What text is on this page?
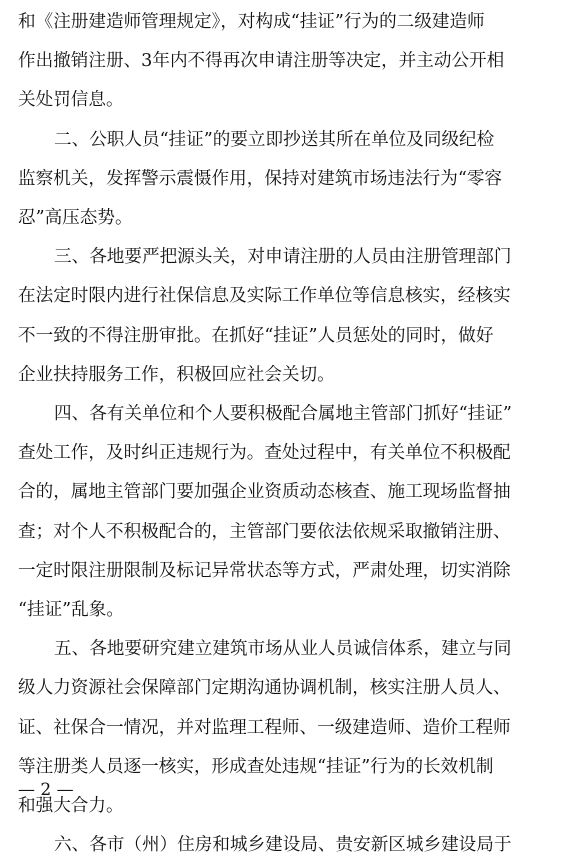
和《注册建造师管理规定》，对构成“挂证”行为的二级建造师
作出撤销注册、3年内不得再次申请注册等决定，并主动公开相
关处罚信息。
二、公职人员“挂证”的要立即抄送其所在单位及同级纪检
监察机关，发挥警示震慑作用，保持对建筑市场违法行为“零容
忍”高压态势。
三、各地要严把源头关，对申请注册的人员由注册管理部门
在法定时限内进行社保信息及实际工作单位等信息核实，经核实
不一致的不得注册审批。在抓好“挂证”人员惩处的同时，做好
企业扶持服务工作，积极回应社会关切。
四、各有关单位和个人要积极配合属地主管部门抓好“挂证”
查处工作，及时纠正违规行为。查处过程中，有关单位不积极配
合的，属地主管部门要加强企业资质动态核查、施工现场监督抽
查；对个人不积极配合的，主管部门要依法依规采取撤销注册、
一定时限注册限制及标记异常状态等方式，严肃处理，切实消除
“挂证”乱象。
五、各地要研究建立建筑市场从业人员诚信体系，建立与同
级人力资源社会保障部门定期沟通协调机制，核实注册人员人、
证、社保合一情况，并对监理工程师、一级建造师、造价工程师
等注册类人员逐一核实，形成查处违规“挂证”行为的长效机制
和强大合力。
六、各市（州）住房和城乡建设局、贵安新区城乡建设局于
— 2 —
